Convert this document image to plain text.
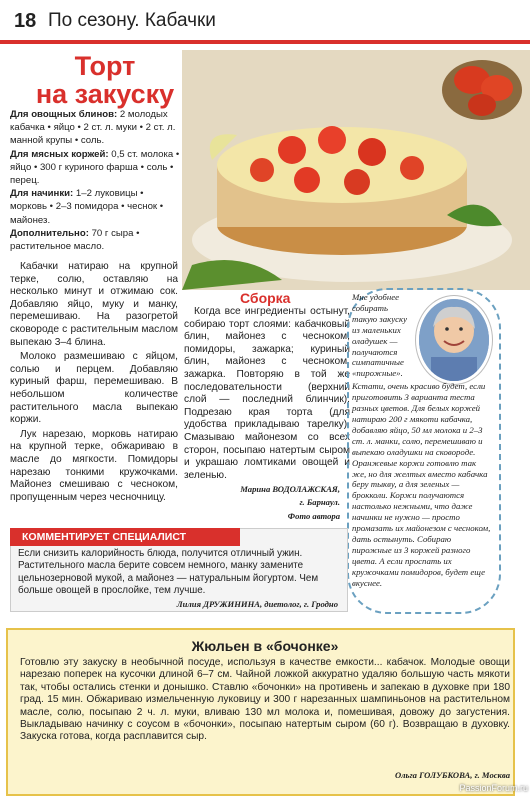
18 По сезону. Кабачки
Торт
на закуску

Для овощных блинов: 2 молодых кабачка • яйцо • 2 ст. л. муки • 2 ст. л. манной крупы • соль.

Для мясных коржей: 0,5 ст. молока • яйцо • 300 г куриного фарша • соль • перец.

Для начинки: 1–2 луковицы • морковь • 2–3 помидора • чеснок • майонез.

Дополнительно: 70 г сыра • растительное масло.

Кабачки натираю на крупной терке, солю, оставляю на несколько минут и отжимаю сок. Добавляю яйцо, муку и манку, перемешиваю. На разогретой сковороде с растительным маслом выпекаю 3–4 блина.

Молоко размешиваю с яйцом, солью и перцем. Добавляю куриный фарш, перемешиваю. В небольшом количестве растительного масла выпекаю коржи.

Лук нарезаю, морковь натираю на крупной терке, обжариваю в масле до мягкости. Помидоры нарезаю тонкими кружочками. Майонез смешиваю с чесноком, пропущенным через чесночницу.

Сборка

Когда все ингредиенты остынут, собираю торт слоями: кабачковый блин, майонез с чесноком, помидоры, зажарка; куриный блин, майонез с чесноком, зажарка. Повторяю в той же последовательности (верхний слой — последний блинчик). Подрезаю края торта (для удобства прикладываю тарелку). Смазываю майонезом со всех сторон, посыпаю натертым сыром и украшаю ломтиками овощей и зеленью.

Марина ВОДОЛАЖСКАЯ,
г. Барнаул.
Фото автора

Мне удобнее собирать такую закуску из маленьких оладушек — получаются симпатичные «пирожные».

Кстати, очень красиво будет, если приготовить 3 варианта теста разных цветов. Для белых коржей натираю 200 г мякоти кабачка, добавляю яйцо, 50 мл молока и 2–3 ст. л. манки, солю, перемешиваю и выпекаю оладушки на сковороде. Оранжевые коржи готовлю так же, но для желтых вместо кабачка беру тыкву, а для зеленых — брокколи. Коржи получаются настолько нежными, что даже начинки не нужно — просто промазать их майонезом с чесноком, дать остынуть. Собираю пирожные из 3 коржей разного цвета. А если проспать их кружочками помидоров, будет еще вкуснее.

КОММЕНТИРУЕТ СПЕЦИАЛИСТ
Если снизить калорийность блюда, получится отличный ужин. Растительного масла берите совсем немного, манку замените цельнозерновой мукой, а майонез — натуральным йогуртом. Чем больше овощей в прослойке, тем лучше.
Лилия ДРУЖИНИНА, диетолог, г. Гродно
Жюльен в «бочонке»
Готовлю эту закуску в необычной посуде, используя в качестве емкости... кабачок. Молодые овощи нарезаю поперек на кусочки длиной 6–7 см. Чайной ложкой аккуратно удаляю большую часть мякоти так, чтобы остались стенки и донышко. Ставлю «бочонки» на противень и запекаю в духовке при 180 град. 15 мин. Обжариваю измельченную луковицу и 300 г нарезанных шампиньонов на растительном масле, солю, посыпаю 2 ч. л. муки, вливаю 130 мл молока и, помешивая, довожу до загустения. Выкладываю начинку с соусом в «бочонки», посыпаю натертым сыром (60 г). Возвращаю в духовку. Закуска готова, когда расплавится сыр.
Ольга ГОЛУБКОВА, г. Москва
PassionForum.ru
